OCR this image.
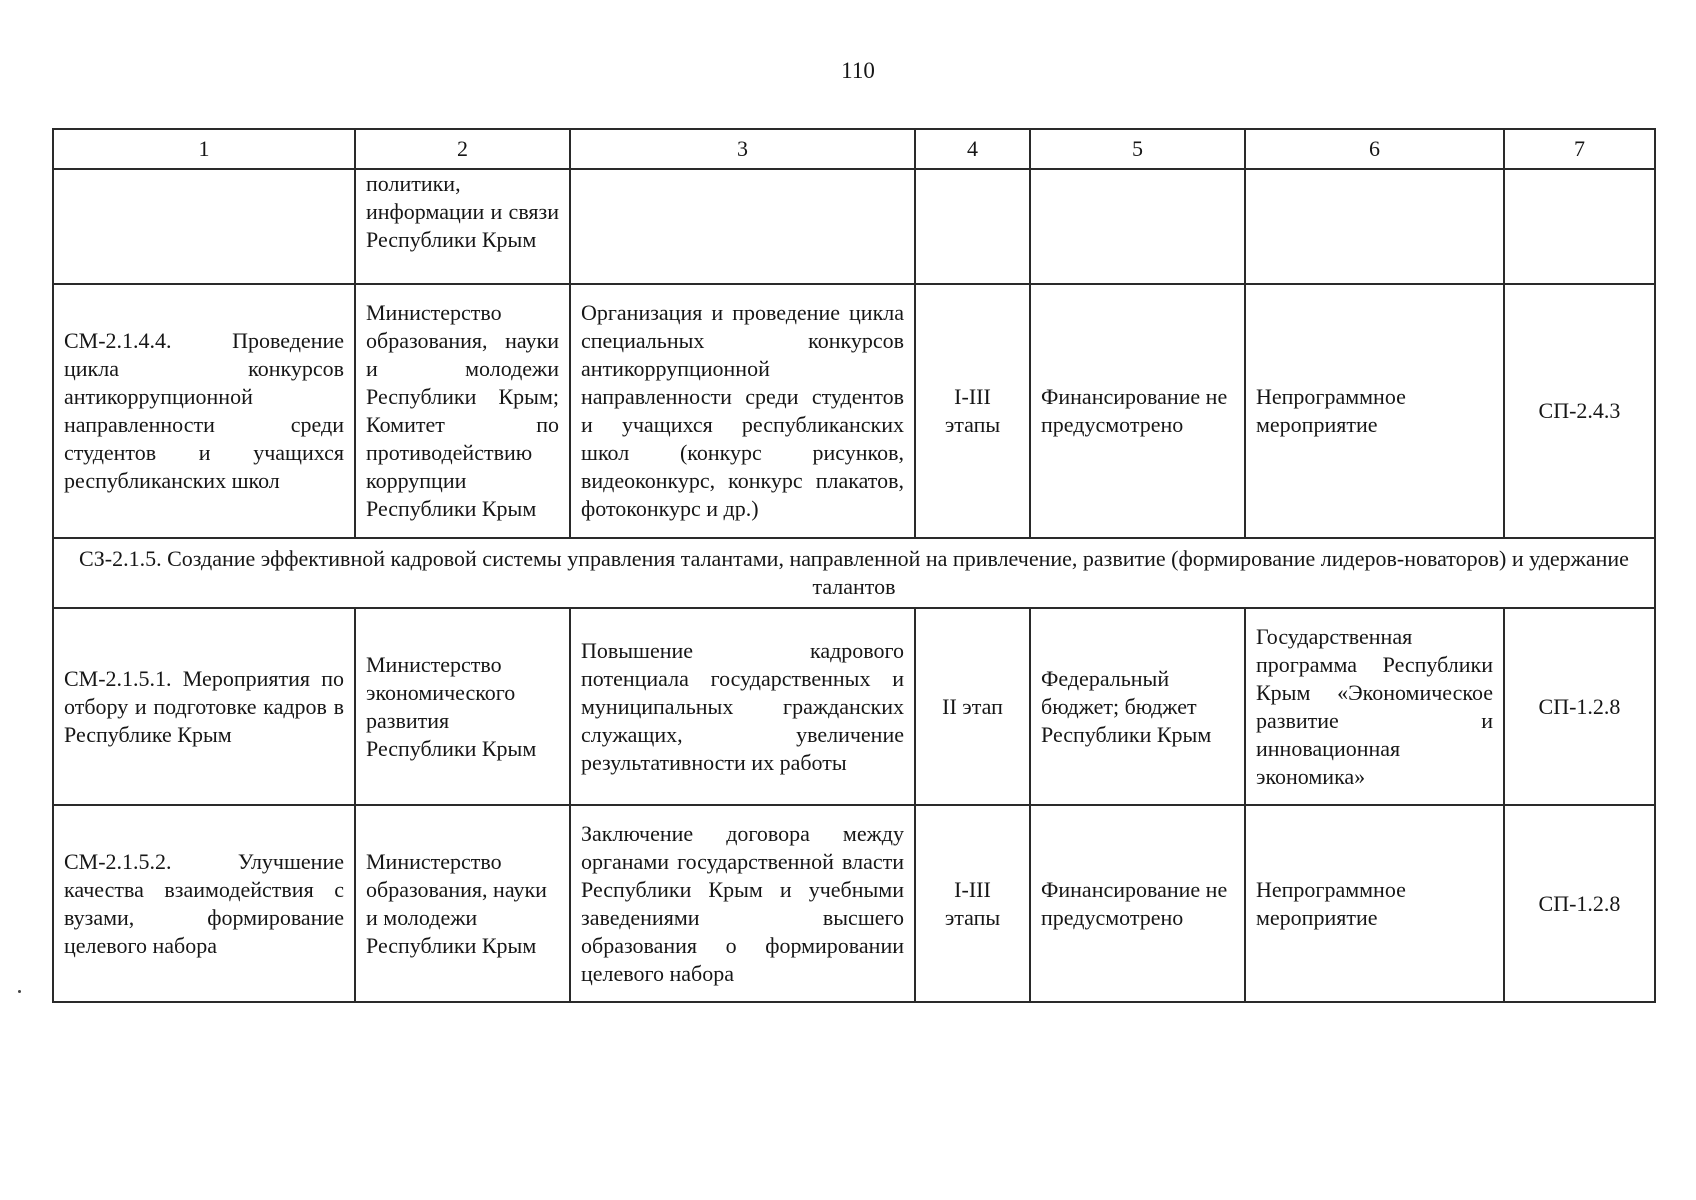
110
1	2	3	4	5	6	7
	политики, информации и связи Республики Крым					
СМ-2.1.4.4. Проведение цикла конкурсов антикоррупционной направленности среди студентов и учащихся республиканских школ	Министерство образования, науки и молодежи Республики Крым; Комитет по противодействию коррупции Республики Крым	Организация и проведение цикла специальных конкурсов антикоррупционной направленности среди студентов и учащихся республиканских школ (конкурс рисунков, видеоконкурс, конкурс плакатов, фотоконкурс и др.)	I-III этапы	Финансирование не предусмотрено	Непрограммное мероприятие	СП-2.4.3
СЗ-2.1.5. Создание эффективной кадровой системы управления талантами, направленной на привлечение, развитие (формирование лидеров-новаторов) и удержание талантов						
СМ-2.1.5.1. Мероприятия по отбору и подготовке кадров в Республике Крым	Министерство экономического развития Республики Крым	Повышение кадрового потенциала государственных и муниципальных гражданских служащих, увеличение результативности их работы	II этап	Федеральный бюджет; бюджет Республики Крым	Государственная программа Республики Крым «Экономическое развитие и инновационная экономика»	СП-1.2.8
СМ-2.1.5.2. Улучшение качества взаимодействия с вузами, формирование целевого набора	Министерство образования, науки и молодежи Республики Крым	Заключение договора между органами государственной власти Республики Крым и учебными заведениями высшего образования о формировании целевого набора	I-III этапы	Финансирование не предусмотрено	Непрограммное мероприятие	СП-1.2.8
